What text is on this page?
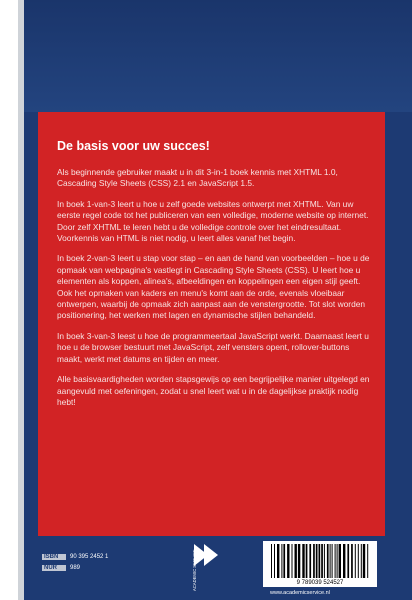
De basis voor uw succes!

Als beginnende gebruiker maakt u in dit 3-in-1 boek kennis met XHTML 1.0, Cascading Style Sheets (CSS) 2.1 en JavaScript 1.5.

In boek 1-van-3 leert u hoe u zelf goede websites ontwerpt met XHTML. Van uw eerste regel code tot het publiceren van een volledige, moderne website op internet. Door zelf XHTML te leren hebt u de volledige controle over het eindresultaat. Voorkennis van HTML is niet nodig, u leert alles vanaf het begin.

In boek 2-van-3 leert u stap voor stap – en aan de hand van voorbeelden – hoe u de opmaak van webpagina's vastlegt in Cascading Style Sheets (CSS). U leert hoe u elementen als koppen, alinea's, afbeeldingen en koppelingen een eigen stijl geeft. Ook het opmaken van kaders en menu's komt aan de orde, evenals vloeibaar ontwerpen, waarbij de opmaak zich aanpast aan de venstergrootte. Tot slot worden positionering, het werken met lagen en dynamische stijlen behandeld.

In boek 3-van-3 leest u hoe de programmeertaal JavaScript werkt. Daarnaast leert u hoe u de browser bestuurt met JavaScript, zelf vensters opent, rollover-buttons maakt, werkt met datums en tijden en meer.

Alle basisvaardigheden worden stapsgewijs op een begrijpelijke manier uitgelegd en aangevuld met oefeningen, zodat u snel leert wat u in de dagelijkse praktijk nodig hebt!

ISBN	90 395 2452 1
NUR	989	ACADEMIC SERVICE	9 789039 524527
www.academicservice.nl
